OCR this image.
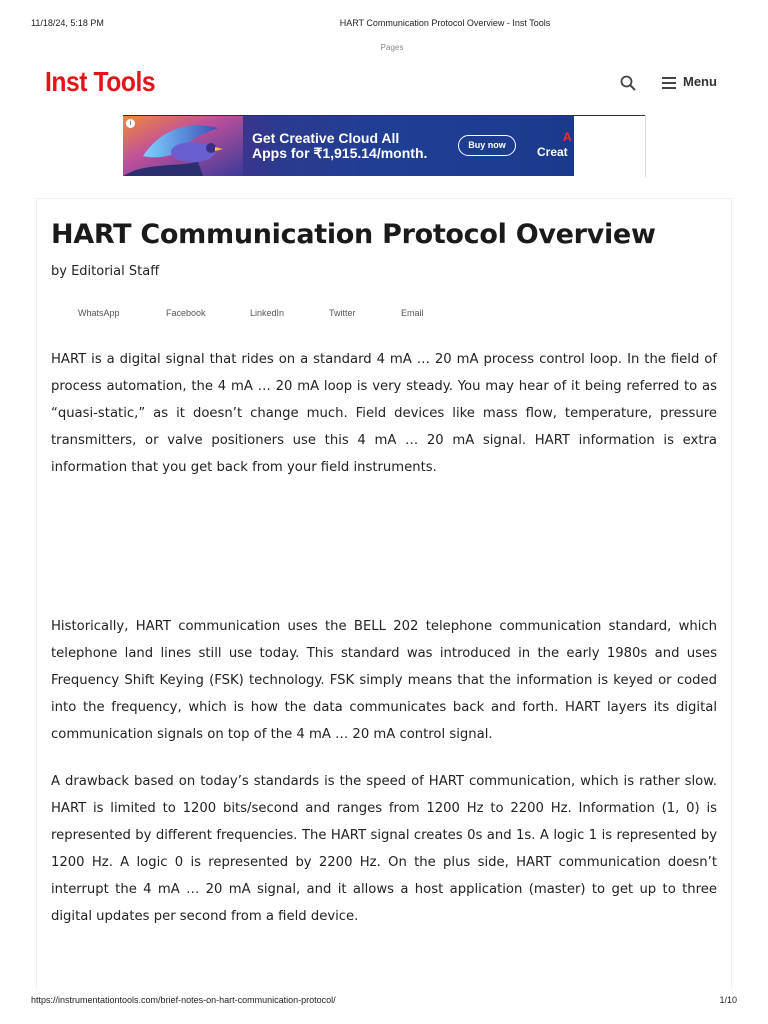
11/18/24, 5:18 PM	HART Communication Protocol Overview - Inst Tools
Pages
Inst Tools	Menu
i
Get Creative Cloud All
Apps for ₹1,915.14/month.	Buy now
A
Creat
HART Communication Protocol Overview
by Editorial Staff
WhatsApp	Facebook	LinkedIn	Twitter	Email

HART is a digital signal that rides on a standard 4 mA … 20 mA process control loop. In the field of process automation, the 4 mA … 20 mA loop is very steady. You may hear of it being referred to as “quasi-static,” as it doesn’t change much. Field devices like mass flow, temperature, pressure transmitters, or valve positioners use this 4 mA … 20 mA signal. HART information is extra information that you get back from your field instruments.

Historically, HART communication uses the BELL 202 telephone communication standard, which telephone land lines still use today. This standard was introduced in the early 1980s and uses Frequency Shift Keying (FSK) technology. FSK simply means that the information is keyed or coded into the frequency, which is how the data communicates back and forth. HART layers its digital communication signals on top of the 4 mA … 20 mA control signal.

A drawback based on today’s standards is the speed of HART communication, which is rather slow. HART is limited to 1200 bits/second and ranges from 1200 Hz to 2200 Hz. Information (1, 0) is represented by different frequencies. The HART signal creates 0s and 1s. A logic 1 is represented by 1200 Hz. A logic 0 is represented by 2200 Hz. On the plus side, HART communication doesn’t interrupt the 4 mA … 20 mA signal, and it allows a host application (master) to get up to three digital updates per second from a field device.

https://instrumentationtools.com/brief-notes-on-hart-communication-protocol/	1/10
